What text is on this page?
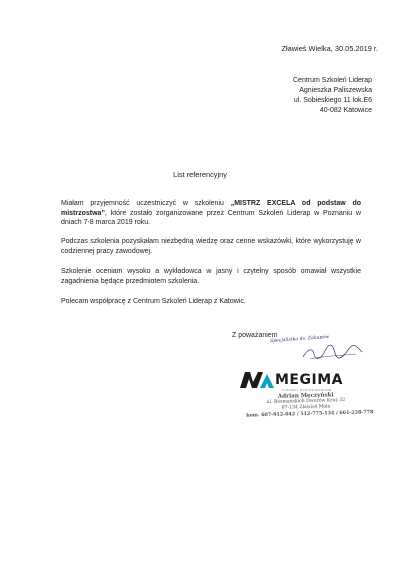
Zławieś Wielka, 30.05.2019 r.
Centrum Szkoleń Liderap
Agnieszka Paliszewska
ul. Sobieskiego 11 lok.E6
40-082 Katowice
List referencyjny
Miałam przyjemność uczestniczyć w szkoleniu „MISTRZ EXCELA od podstaw do mistrzostwa”, które zostało zorganizowane przez Centrum Szkoleń Liderap w Poznaniu w dniach 7-8 marca 2019 roku.
Podczas szkolenia pozyskałam niezbędną wiedzę oraz cenne wskazówki, które wykorzystuję w codziennej pracy zawodowej.
Szkolenie oceniam wysoko a wykładowca w jasny i czytelny sposób omawiał wszystkie zagadnienia będące przedmiotem szkolenia.
Polecam współpracę z Centrum Szkoleń Liderap z Katowic.
Z poważaniem
Specjalistka ds. Zakupów
MEGIMA
SYSTEMY WYSTAWIENNICZE
Adrian Męczyński
ul. Bosmańskich Dworów Kruż 32
87-134 Zławieś Mała
kom. 607-912-042 / 512-775-134 / 661-228-778
